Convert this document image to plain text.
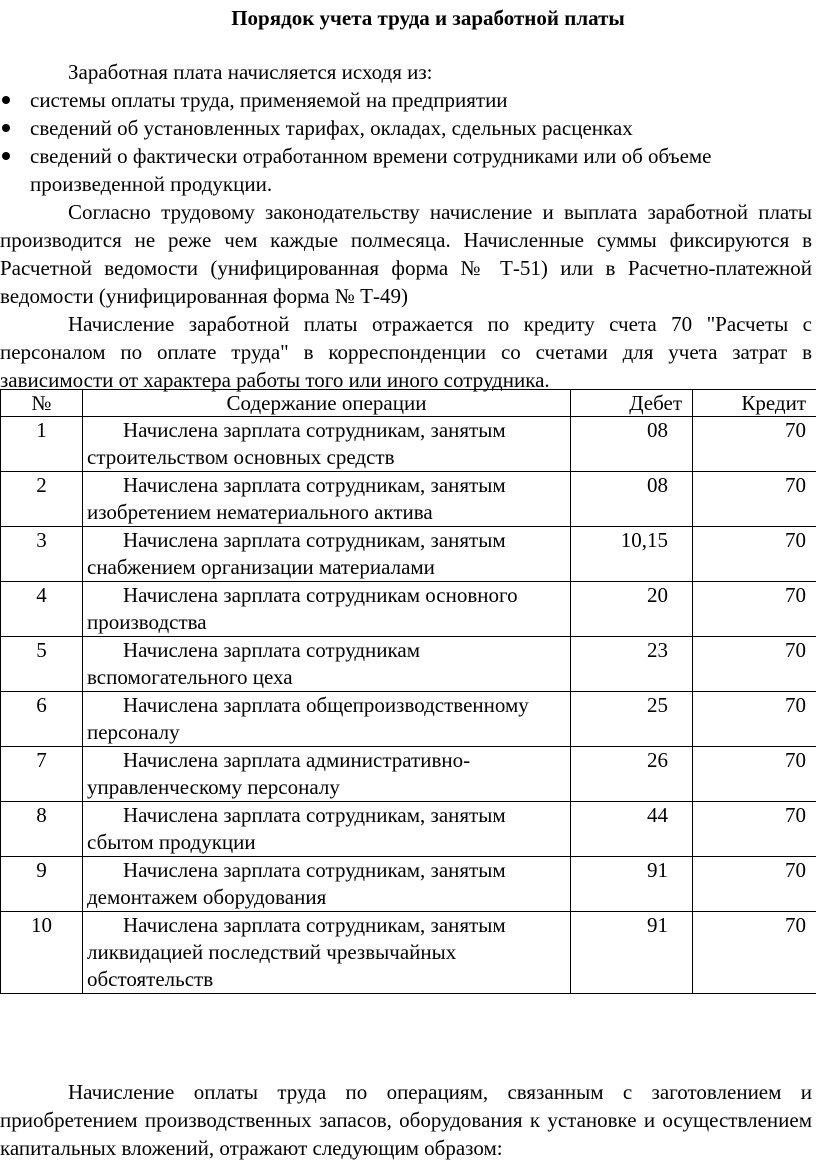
Порядок учета труда и заработной платы
Заработная плата начисляется исходя из:
системы оплаты труда, применяемой на предприятии
сведений об установленных тарифах, окладах, сдельных расценках
сведений о фактически отработанном времени сотрудниками или об объеме произведенной продукции.

Согласно трудовому законодательству начисление и выплата заработной платы производится не реже чем каждые полмесяца. Начисленные суммы фиксируются в Расчетной ведомости (унифицированная форма № Т-51) или в Расчетно-платежной ведомости (унифицированная форма № Т-49)

Начисление заработной платы отражается по кредиту счета 70 "Расчеты с персоналом по оплате труда" в корреспонденции со счетами для учета затрат в зависимости от характера работы того или иного сотрудника.

№	Содержание операции	Дебет	Кредит
1	Начислена зарплата сотрудникам, занятым строительством основных средств	08	70
2	Начислена зарплата сотрудникам, занятым изобретением нематериального актива	08	70
3	Начислена зарплата сотрудникам, занятым снабжением организации материалами	10,15	70
4	Начислена зарплата сотрудникам основного производства	20	70
5	Начислена зарплата сотрудникам вспомогательного цеха	23	70
6	Начислена зарплата общепроизводственному персоналу	25	70
7	Начислена зарплата административно-управленческому персоналу	26	70
8	Начислена зарплата сотрудникам, занятым сбытом продукции	44	70
9	Начислена зарплата сотрудникам, занятым демонтажем оборудования	91	70
10	Начислена зарплата сотрудникам, занятым ликвидацией последствий чрезвычайных обстоятельств	91	70

Начисление оплаты труда по операциям, связанным с заготовлением и приобретением производственных запасов, оборудования к установке и осуществлением капитальных вложений, отражают следующим образом:
